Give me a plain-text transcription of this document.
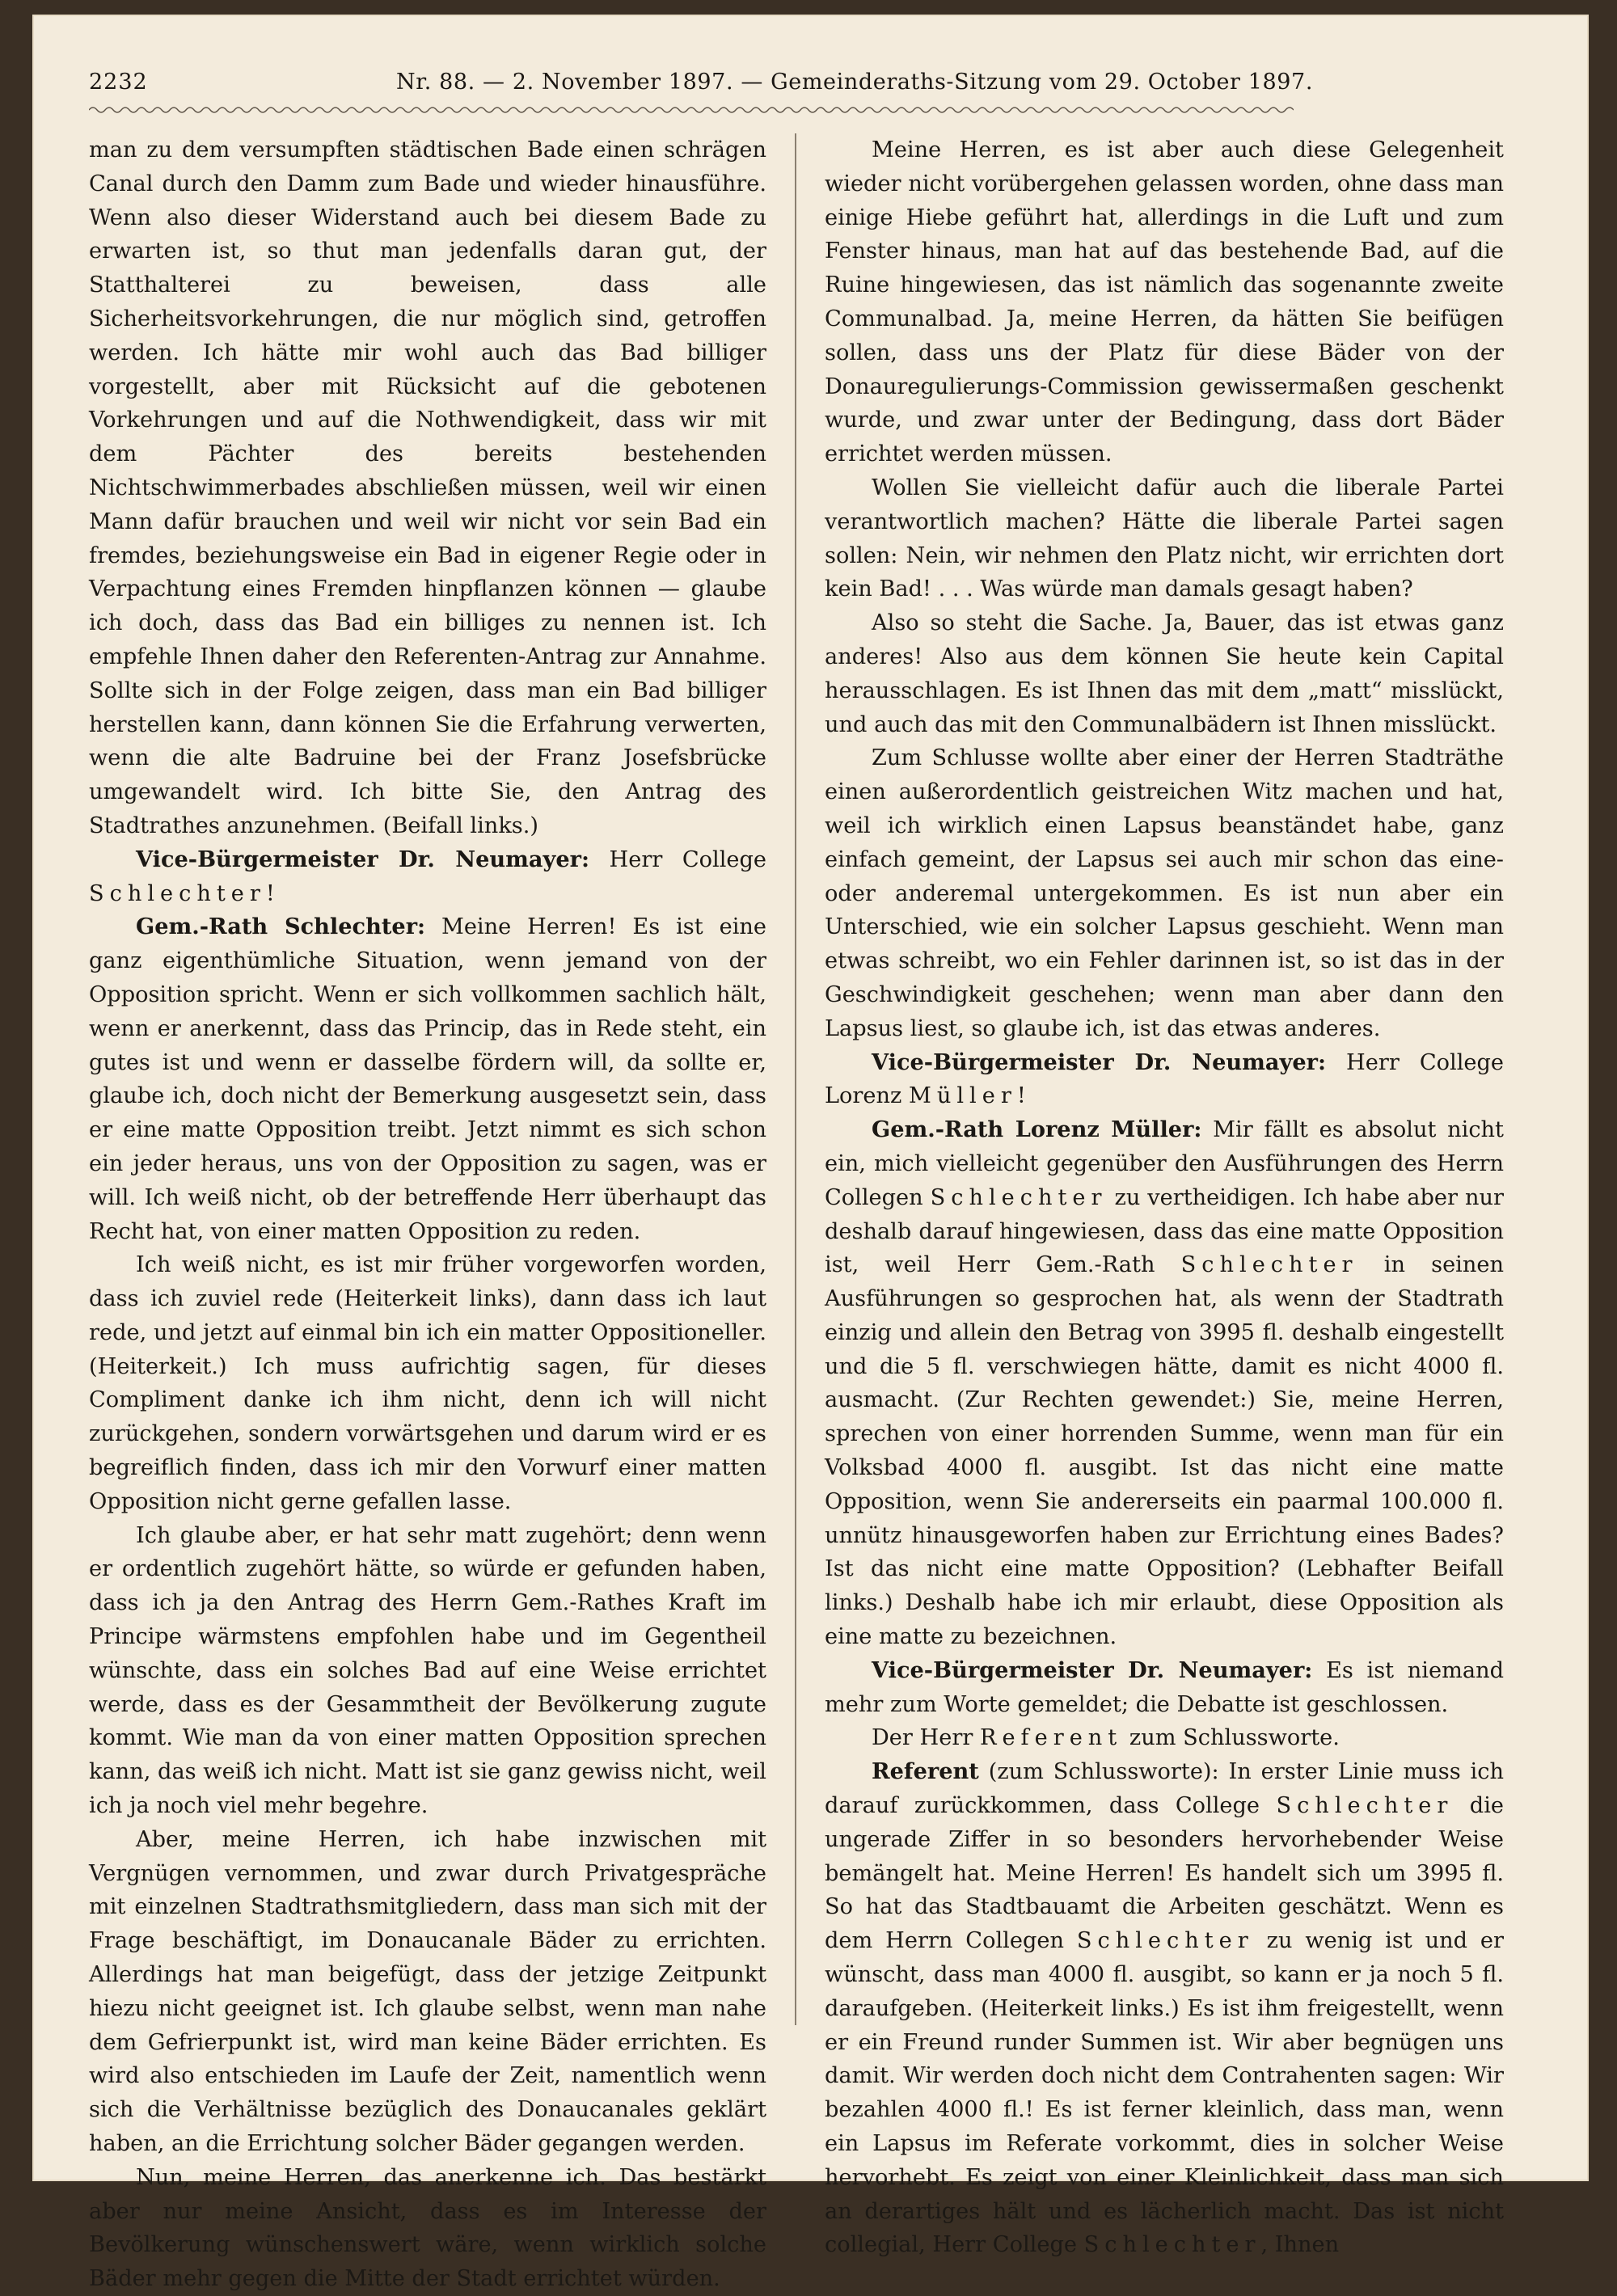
2232	Nr. 88. — 2. November 1897. — Gemeinderaths-Sitzung vom 29. October 1897.

man zu dem versumpften städtischen Bade einen schrägen Canal durch den Damm zum Bade und wieder hinausführe. Wenn also dieser Widerstand auch bei diesem Bade zu erwarten ist, so thut man jedenfalls daran gut, der Statthalterei zu beweisen, dass alle Sicherheitsvorkehrungen, die nur möglich sind, getroffen werden. Ich hätte mir wohl auch das Bad billiger vorgestellt, aber mit Rücksicht auf die gebotenen Vorkehrungen und auf die Nothwendigkeit, dass wir mit dem Pächter des bereits bestehenden Nichtschwimmerbades abschließen müssen, weil wir einen Mann dafür brauchen und weil wir nicht vor sein Bad ein fremdes, beziehungsweise ein Bad in eigener Regie oder in Verpachtung eines Fremden hinpflanzen können — glaube ich doch, dass das Bad ein billiges zu nennen ist. Ich empfehle Ihnen daher den Referenten-Antrag zur Annahme. Sollte sich in der Folge zeigen, dass man ein Bad billiger herstellen kann, dann können Sie die Erfahrung verwerten, wenn die alte Badruine bei der Franz Josefsbrücke umgewandelt wird. Ich bitte Sie, den Antrag des Stadtrathes anzunehmen. (Beifall links.)

Vice-Bürgermeister Dr. Neumayer: Herr College Schlechter!

Gem.-Rath Schlechter: Meine Herren! Es ist eine ganz eigenthümliche Situation, wenn jemand von der Opposition spricht. Wenn er sich vollkommen sachlich hält, wenn er anerkennt, dass das Princip, das in Rede steht, ein gutes ist und wenn er dasselbe fördern will, da sollte er, glaube ich, doch nicht der Bemerkung ausgesetzt sein, dass er eine matte Opposition treibt. Jetzt nimmt es sich schon ein jeder heraus, uns von der Opposition zu sagen, was er will. Ich weiß nicht, ob der betreffende Herr überhaupt das Recht hat, von einer matten Opposition zu reden.

Ich weiß nicht, es ist mir früher vorgeworfen worden, dass ich zuviel rede (Heiterkeit links), dann dass ich laut rede, und jetzt auf einmal bin ich ein matter Oppositioneller. (Heiterkeit.) Ich muss aufrichtig sagen, für dieses Compliment danke ich ihm nicht, denn ich will nicht zurückgehen, sondern vorwärtsgehen und darum wird er es begreiflich finden, dass ich mir den Vorwurf einer matten Opposition nicht gerne gefallen lasse.

Ich glaube aber, er hat sehr matt zugehört; denn wenn er ordentlich zugehört hätte, so würde er gefunden haben, dass ich ja den Antrag des Herrn Gem.-Rathes Kraft im Principe wärmstens empfohlen habe und im Gegentheil wünschte, dass ein solches Bad auf eine Weise errichtet werde, dass es der Gesammtheit der Bevölkerung zugute kommt. Wie man da von einer matten Opposition sprechen kann, das weiß ich nicht. Matt ist sie ganz gewiss nicht, weil ich ja noch viel mehr begehre.

Aber, meine Herren, ich habe inzwischen mit Vergnügen vernommen, und zwar durch Privatgespräche mit einzelnen Stadtrathsmitgliedern, dass man sich mit der Frage beschäftigt, im Donaucanale Bäder zu errichten. Allerdings hat man beigefügt, dass der jetzige Zeitpunkt hiezu nicht geeignet ist. Ich glaube selbst, wenn man nahe dem Gefrierpunkt ist, wird man keine Bäder errichten. Es wird also entschieden im Laufe der Zeit, namentlich wenn sich die Verhältnisse bezüglich des Donaucanales geklärt haben, an die Errichtung solcher Bäder gegangen werden.

Nun, meine Herren, das anerkenne ich. Das bestärkt aber nur meine Ansicht, dass es im Interesse der Bevölkerung wünschenswert wäre, wenn wirklich solche Bäder mehr gegen die Mitte der Stadt errichtet würden.

Meine Herren, es ist aber auch diese Gelegenheit wieder nicht vorübergehen gelassen worden, ohne dass man einige Hiebe geführt hat, allerdings in die Luft und zum Fenster hinaus, man hat auf das bestehende Bad, auf die Ruine hingewiesen, das ist nämlich das sogenannte zweite Communalbad. Ja, meine Herren, da hätten Sie beifügen sollen, dass uns der Platz für diese Bäder von der Donauregulierungs-Commission gewissermaßen geschenkt wurde, und zwar unter der Bedingung, dass dort Bäder errichtet werden müssen.

Wollen Sie vielleicht dafür auch die liberale Partei verantwortlich machen? Hätte die liberale Partei sagen sollen: Nein, wir nehmen den Platz nicht, wir errichten dort kein Bad! . . . Was würde man damals gesagt haben?

Also so steht die Sache. Ja, Bauer, das ist etwas ganz anderes! Also aus dem können Sie heute kein Capital herausschlagen. Es ist Ihnen das mit dem „matt“ misslückt, und auch das mit den Communalbädern ist Ihnen misslückt.

Zum Schlusse wollte aber einer der Herren Stadträthe einen außerordentlich geistreichen Witz machen und hat, weil ich wirklich einen Lapsus beanständet habe, ganz einfach gemeint, der Lapsus sei auch mir schon das eine- oder anderemal untergekommen. Es ist nun aber ein Unterschied, wie ein solcher Lapsus geschieht. Wenn man etwas schreibt, wo ein Fehler darinnen ist, so ist das in der Geschwindigkeit geschehen; wenn man aber dann den Lapsus liest, so glaube ich, ist das etwas anderes.

Vice-Bürgermeister Dr. Neumayer: Herr College Lorenz Müller!

Gem.-Rath Lorenz Müller: Mir fällt es absolut nicht ein, mich vielleicht gegenüber den Ausführungen des Herrn Collegen Schlechter zu vertheidigen. Ich habe aber nur deshalb darauf hingewiesen, dass das eine matte Opposition ist, weil Herr Gem.-Rath Schlechter in seinen Ausführungen so gesprochen hat, als wenn der Stadtrath einzig und allein den Betrag von 3995 fl. deshalb eingestellt und die 5 fl. verschwiegen hätte, damit es nicht 4000 fl. ausmacht. (Zur Rechten gewendet:) Sie, meine Herren, sprechen von einer horrenden Summe, wenn man für ein Volksbad 4000 fl. ausgibt. Ist das nicht eine matte Opposition, wenn Sie andererseits ein paarmal 100.000 fl. unnütz hinausgeworfen haben zur Errichtung eines Bades? Ist das nicht eine matte Opposition? (Lebhafter Beifall links.) Deshalb habe ich mir erlaubt, diese Opposition als eine matte zu bezeichnen.

Vice-Bürgermeister Dr. Neumayer: Es ist niemand mehr zum Worte gemeldet; die Debatte ist geschlossen.

Der Herr Referent zum Schlussworte.

Referent (zum Schlussworte): In erster Linie muss ich darauf zurückkommen, dass College Schlechter die ungerade Ziffer in so besonders hervorhebender Weise bemängelt hat. Meine Herren! Es handelt sich um 3995 fl. So hat das Stadtbauamt die Arbeiten geschätzt. Wenn es dem Herrn Collegen Schlechter zu wenig ist und er wünscht, dass man 4000 fl. ausgibt, so kann er ja noch 5 fl. daraufgeben. (Heiterkeit links.) Es ist ihm freigestellt, wenn er ein Freund runder Summen ist. Wir aber begnügen uns damit. Wir werden doch nicht dem Contrahenten sagen: Wir bezahlen 4000 fl.! Es ist ferner kleinlich, dass man, wenn ein Lapsus im Referate vorkommt, dies in solcher Weise hervorhebt. Es zeigt von einer Kleinlichkeit, dass man sich an derartiges hält und es lächerlich macht. Das ist nicht collegial, Herr College Schlechter, Ihnen
